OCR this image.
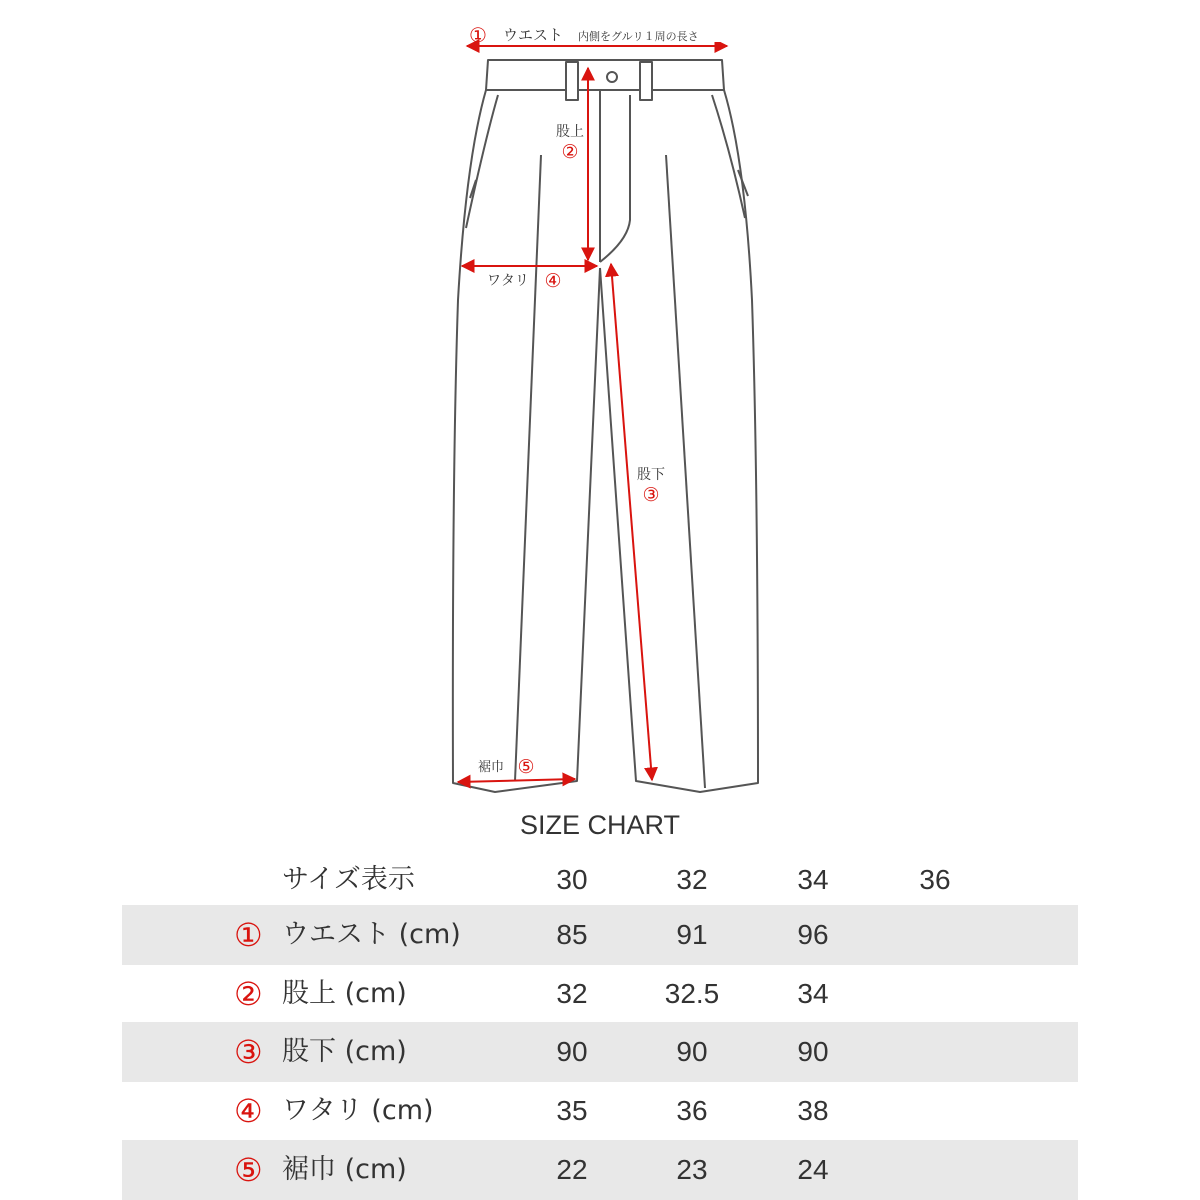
① ウエスト 内側をグルリ１周の長さ
股上
②
ワタリ ④
股下
③
裾巾 ⑤
SIZE CHART
サイズ表示	30	32	34	36
① ウエスト (cm)	85	91	96
② 股上 (cm)	32	32.5	34
③ 股下 (cm)	90	90	90
④ ワタリ (cm)	35	36	38
⑤ 裾巾 (cm)	22	23	24
